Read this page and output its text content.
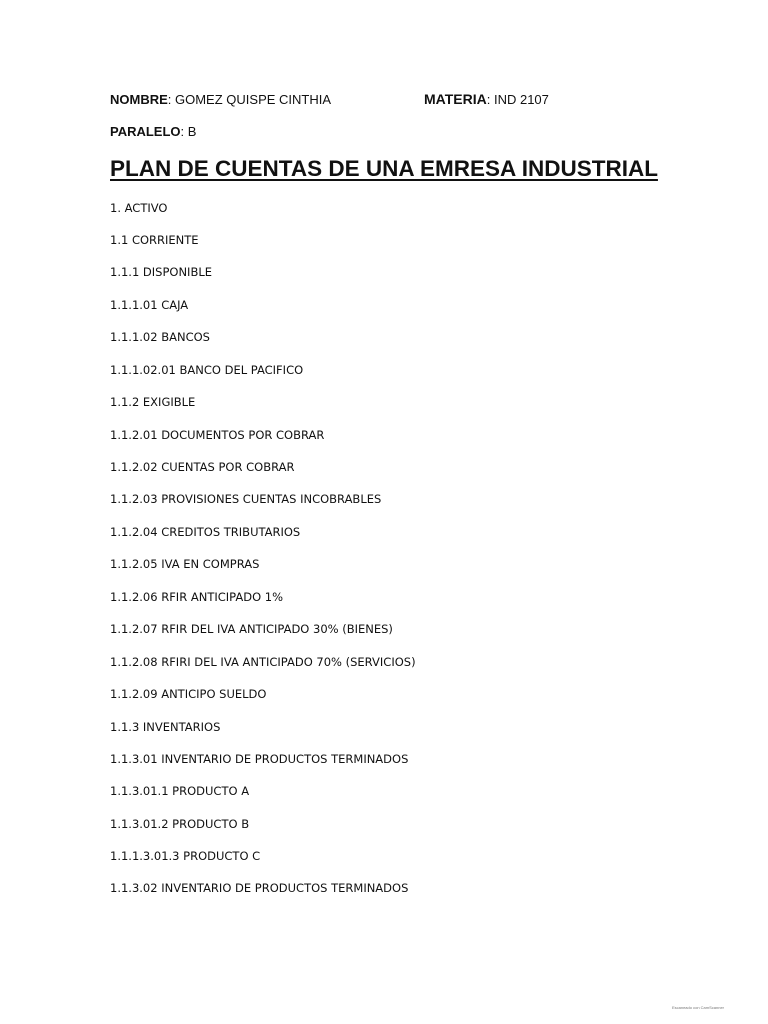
NOMBRE: GOMEZ QUISPE CINTHIA	MATERIA: IND 2107
PARALELO: B
PLAN DE CUENTAS DE UNA EMRESA INDUSTRIAL
1. ACTIVO
1.1 CORRIENTE
1.1.1 DISPONIBLE
1.1.1.01 CAJA
1.1.1.02 BANCOS
1.1.1.02.01 BANCO DEL PACIFICO
1.1.2 EXIGIBLE
1.1.2.01 DOCUMENTOS POR COBRAR
1.1.2.02 CUENTAS POR COBRAR
1.1.2.03 PROVISIONES CUENTAS INCOBRABLES
1.1.2.04 CREDITOS TRIBUTARIOS
1.1.2.05 IVA EN COMPRAS
1.1.2.06 RFIR ANTICIPADO 1%
1.1.2.07 RFIR DEL IVA ANTICIPADO 30% (BIENES)
1.1.2.08 RFIRI DEL IVA ANTICIPADO 70% (SERVICIOS)
1.1.2.09 ANTICIPO SUELDO
1.1.3 INVENTARIOS
1.1.3.01 INVENTARIO DE PRODUCTOS TERMINADOS
1.1.3.01.1 PRODUCTO A
1.1.3.01.2 PRODUCTO B
1.1.1.3.01.3 PRODUCTO C
1.1.3.02 INVENTARIO DE PRODUCTOS TERMINADOS
Escaneado con CamScanner
